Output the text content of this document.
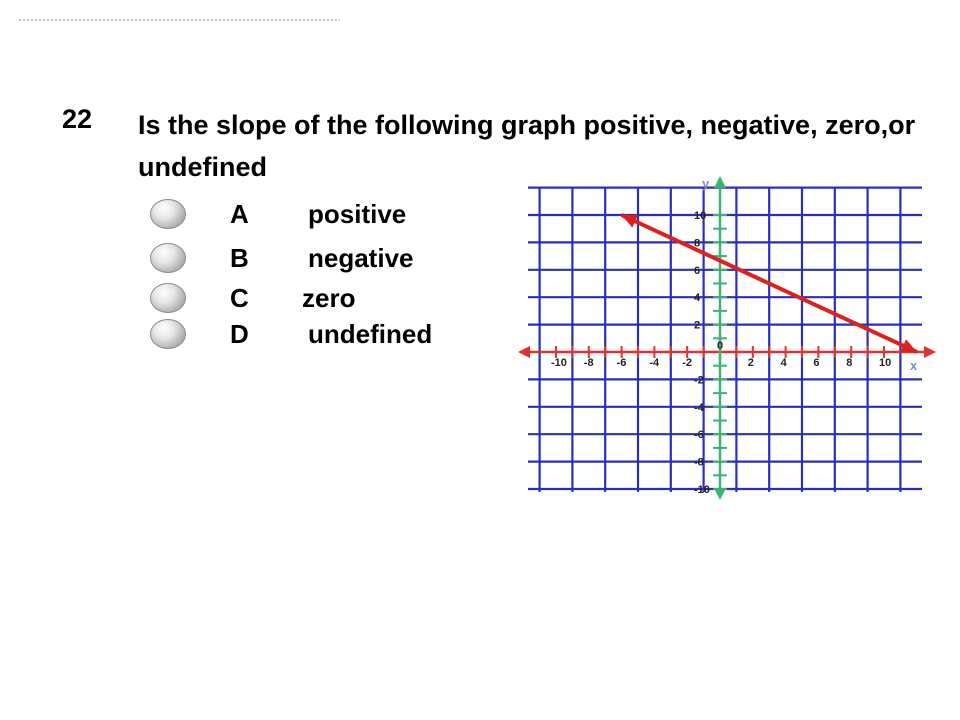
22 Is the slope of the following graph positive, negative, zero,or undefined
A positive
B negative
C zero
D undefined
-10 -8 -6 -4 -2
0
2 4 6 8 10
10
8
6
4
2
-2
-4
-6
-8
-10
x
y
